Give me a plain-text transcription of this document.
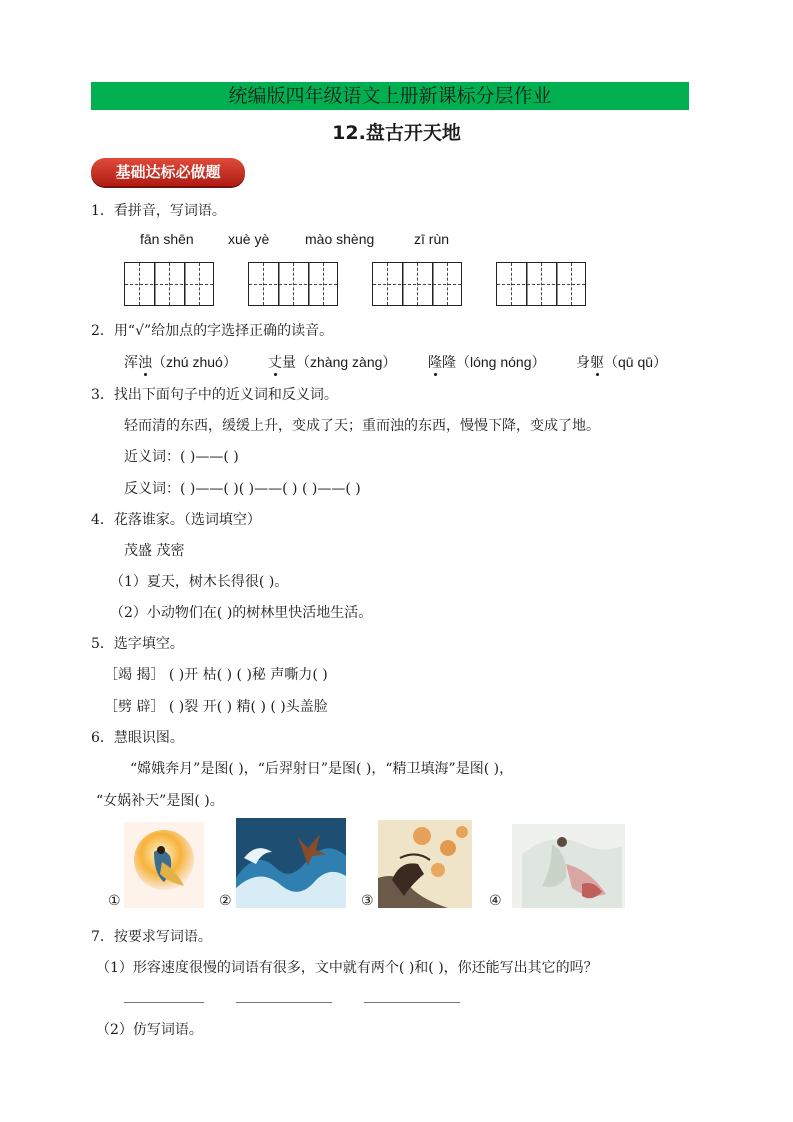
统编版四年级语文上册新课标分层作业
12.盘古开天地
基础达标必做题
1．看拼音，写词语。
fān shēn xuè yè	mào shèng	zī rùn
2．用“√”给加点的字选择正确的读音。
浑浊（zhú zhuó） 丈量（zhàng zàng） 隆隆（lóng nóng） 身躯（qū qū）
3．找出下面句子中的近义词和反义词。
轻而清的东西，缓缓上升，变成了天；重而浊的东西，慢慢下降，变成了地。
近义词：( )——( )
反义词：( )——( )( )——( ) ( )——( )
4．花落谁家。（选词填空）
茂盛 茂密
（1）夏天，树木长得很( )。
（2）小动物们在( )的树林里快活地生活。
5．选字填空。
［竭 揭］ ( )开 枯( ) ( )秘 声嘶力( )
［劈 辟］ ( )裂 开( ) 精( ) ( )头盖脸
6．慧眼识图。
“嫦娥奔月”是图( )，“后羿射日”是图( )，“精卫填海”是图( )，
“女娲补天”是图( )。
①	②	③	④
7．按要求写词语。
（1）形容速度很慢的词语有很多，文中就有两个( )和( )，你还能写出其它的吗？
（2）仿写词语。
